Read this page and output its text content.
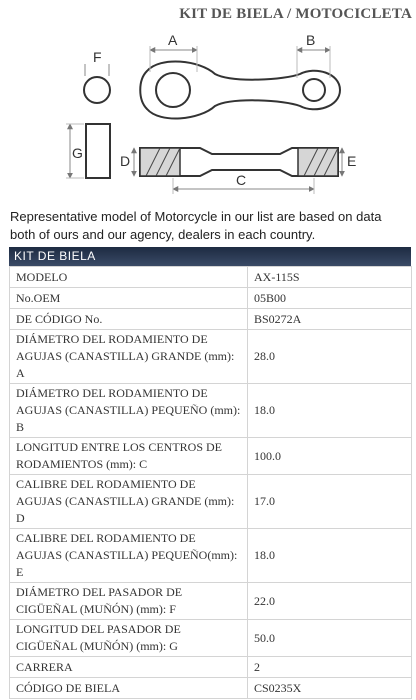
KIT DE BIELA / MOTOCICLETA
F
G
A	B
D	E
C
Representative model of Motorcycle in our list are based on data both of ours and our agency, dealers in each country.
KIT DE BIELA
MODELO	AX-115S
No.OEM	05B00
DE CÓDIGO No.	BS0272A
DIÁMETRO DEL RODAMIENTO DE AGUJAS (CANASTILLA) GRANDE (mm): A	28.0
DIÁMETRO DEL RODAMIENTO DE AGUJAS (CANASTILLA) PEQUEÑO (mm): B	18.0
LONGITUD ENTRE LOS CENTROS DE RODAMIENTOS (mm): C	100.0
CALIBRE DEL RODAMIENTO DE AGUJAS (CANASTILLA) GRANDE (mm): D	17.0
CALIBRE DEL RODAMIENTO DE AGUJAS (CANASTILLA) PEQUEÑO(mm): E	18.0
DIÁMETRO DEL PASADOR DE CIGÜEÑAL (MUÑÓN) (mm): F	22.0
LONGITUD DEL PASADOR DE CIGÜEÑAL (MUÑÓN) (mm): G	50.0
CARRERA	2
CÓDIGO DE BIELA	CS0235X
